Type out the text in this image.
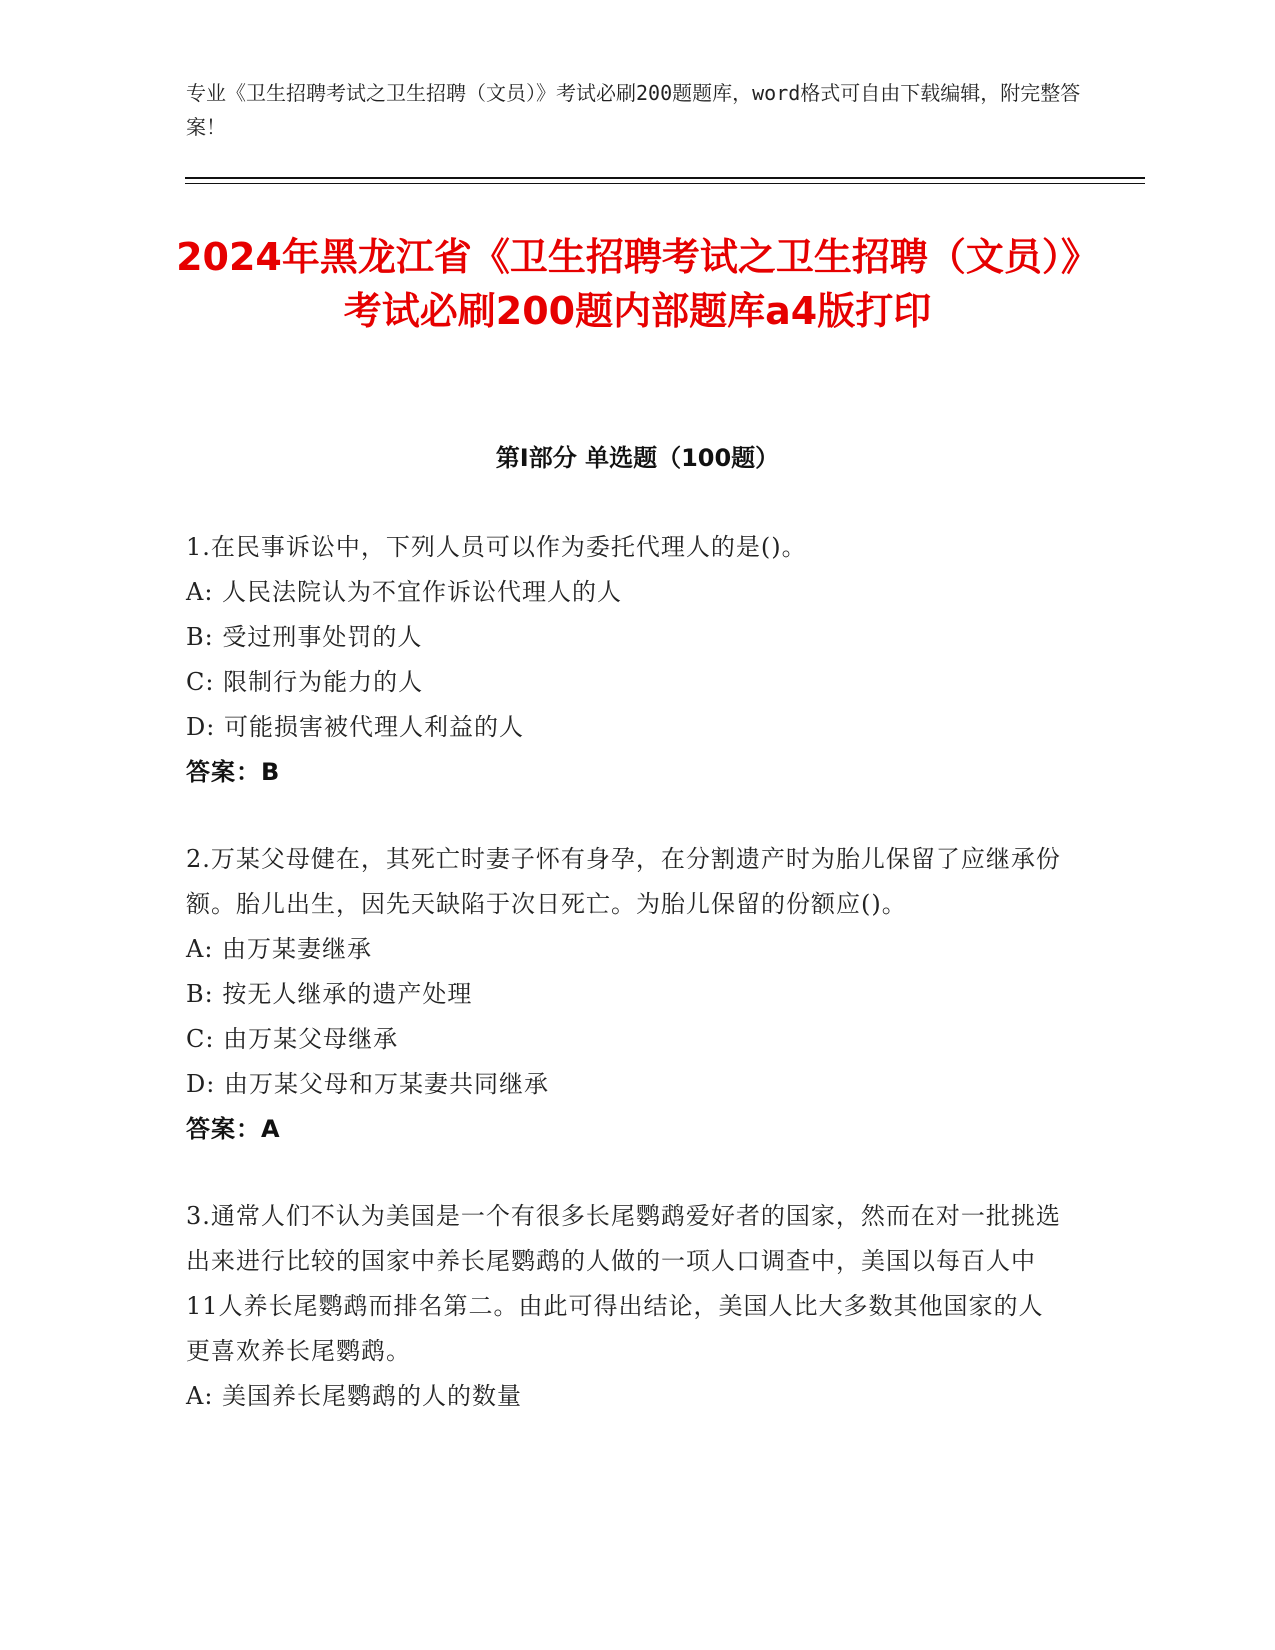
专业《卫生招聘考试之卫生招聘（文员）》考试必刷200题题库，word格式可自由下载编辑，附完整答案！
2024年黑龙江省《卫生招聘考试之卫生招聘（文员）》考试必刷200题内部题库a4版打印
第Ⅰ部分 单选题（100题）

1.在民事诉讼中，下列人员可以作为委托代理人的是()。

A: 人民法院认为不宜作诉讼代理人的人

B: 受过刑事处罚的人

C: 限制行为能力的人

D: 可能损害被代理人利益的人

答案：B

2.万某父母健在，其死亡时妻子怀有身孕，在分割遗产时为胎儿保留了应继承份额。胎儿出生，因先天缺陷于次日死亡。为胎儿保留的份额应()。

A: 由万某妻继承

B: 按无人继承的遗产处理

C: 由万某父母继承

D: 由万某父母和万某妻共同继承

答案：A

3.通常人们不认为美国是一个有很多长尾鹦鹉爱好者的国家，然而在对一批挑选出来进行比较的国家中养长尾鹦鹉的人做的一项人口调查中，美国以每百人中11人养长尾鹦鹉而排名第二。由此可得出结论，美国人比大多数其他国家的人更喜欢养长尾鹦鹉。

A: 美国养长尾鹦鹉的人的数量
